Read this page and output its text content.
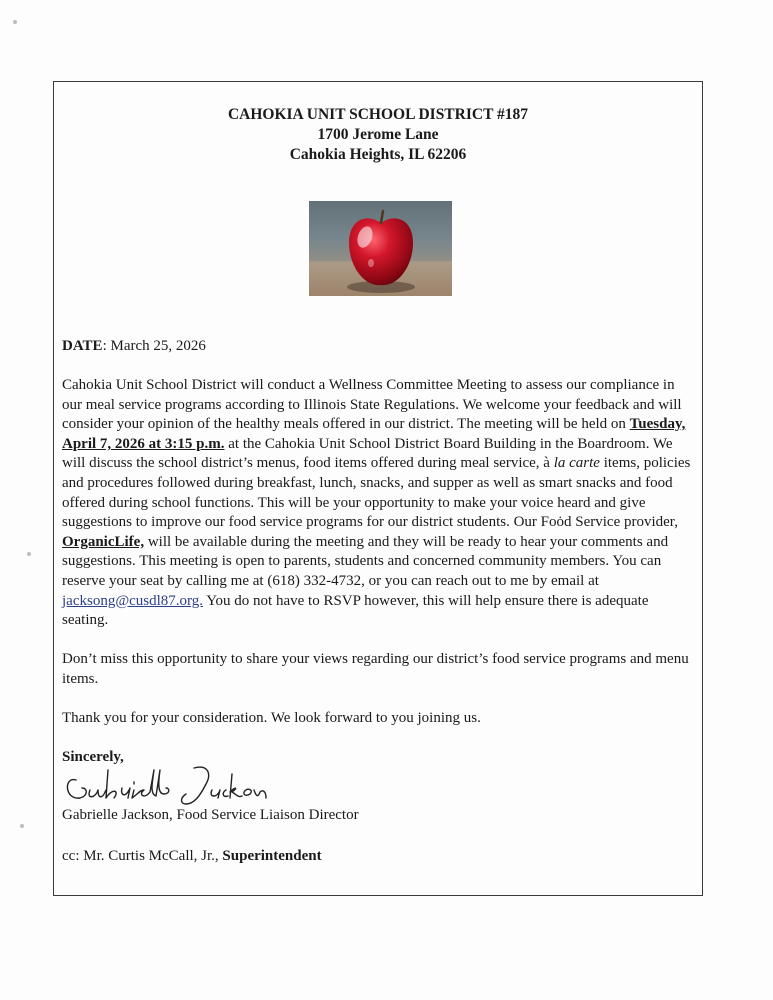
CAHOKIA UNIT SCHOOL DISTRICT #187
1700 Jerome Lane
Cahokia Heights, IL 62206

DATE: March 25, 2026

Cahokia Unit School District will conduct a Wellness Committee Meeting to assess our compliance in our meal service programs according to Illinois State Regulations. We welcome your feedback and will consider your opinion of the healthy meals offered in our district. The meeting will be held on Tuesday, April 7, 2026 at 3:15 p.m. at the Cahokia Unit School District Board Building in the Boardroom. We will discuss the school district’s menus, food items offered during meal service, à la carte items, policies and procedures followed during breakfast, lunch, snacks, and supper as well as smart snacks and food offered during school functions. This will be your opportunity to make your voice heard and give suggestions to improve our food service programs for our district students. Our Foȯd Service provider, OrganicLife, will be available during the meeting and they will be ready to hear your comments and suggestions. This meeting is open to parents, students and concerned community members. You can reserve your seat by calling me at (618) 332-4732, or you can reach out to me by email at jacksong@cusdl87.org. You do not have to RSVP however, this will help ensure there is adequate seating.

Don’t miss this opportunity to share your views regarding our district’s food service programs and menu items.

Thank you for your consideration. We look forward to you joining us.

Sincerely,

Gabrielle Jackson, Food Service Liaison Director

cc: Mr. Curtis McCall, Jr., Superintendent
